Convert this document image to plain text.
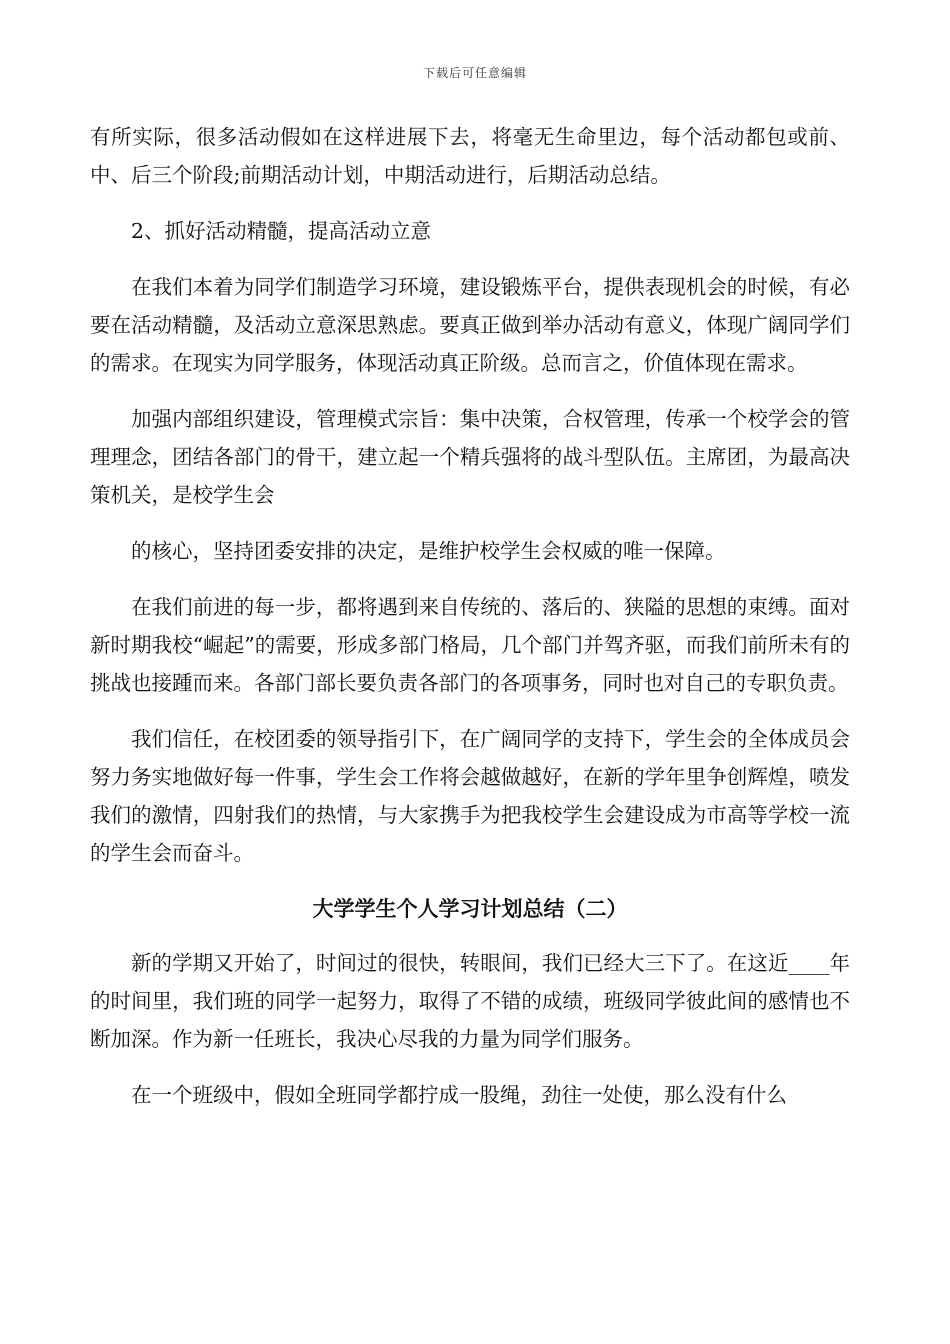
下载后可任意编辑

有所实际，很多活动假如在这样进展下去，将毫无生命里边，每个活动都包或前、中、后三个阶段;前期活动计划，中期活动进行，后期活动总结。

2、抓好活动精髓，提高活动立意

在我们本着为同学们制造学习环境，建设锻炼平台，提供表现机会的时候，有必要在活动精髓，及活动立意深思熟虑。要真正做到举办活动有意义，体现广阔同学们的需求。在现实为同学服务，体现活动真正阶级。总而言之，价值体现在需求。

加强内部组织建设，管理模式宗旨：集中决策，合权管理，传承一个校学会的管理理念，团结各部门的骨干，建立起一个精兵强将的战斗型队伍。主席团，为最高决策机关，是校学生会

的核心，坚持团委安排的决定，是维护校学生会权威的唯一保障。

在我们前进的每一步，都将遇到来自传统的、落后的、狭隘的思想的束缚。面对新时期我校“崛起”的需要，形成多部门格局，几个部门并驾齐驱，而我们前所未有的挑战也接踵而来。各部门部长要负责各部门的各项事务，同时也对自己的专职负责。

我们信任，在校团委的领导指引下，在广阔同学的支持下，学生会的全体成员会努力务实地做好每一件事，学生会工作将会越做越好，在新的学年里争创辉煌，喷发我们的激情，四射我们的热情，与大家携手为把我校学生会建设成为市高等学校一流的学生会而奋斗。

大学学生个人学习计划总结（二）

新的学期又开始了，时间过的很快，转眼间，我们已经大三下了。在这近____年的时间里，我们班的同学一起努力，取得了不错的成绩，班级同学彼此间的感情也不断加深。作为新一任班长，我决心尽我的力量为同学们服务。

在一个班级中，假如全班同学都拧成一股绳，劲往一处使，那么没有什么
